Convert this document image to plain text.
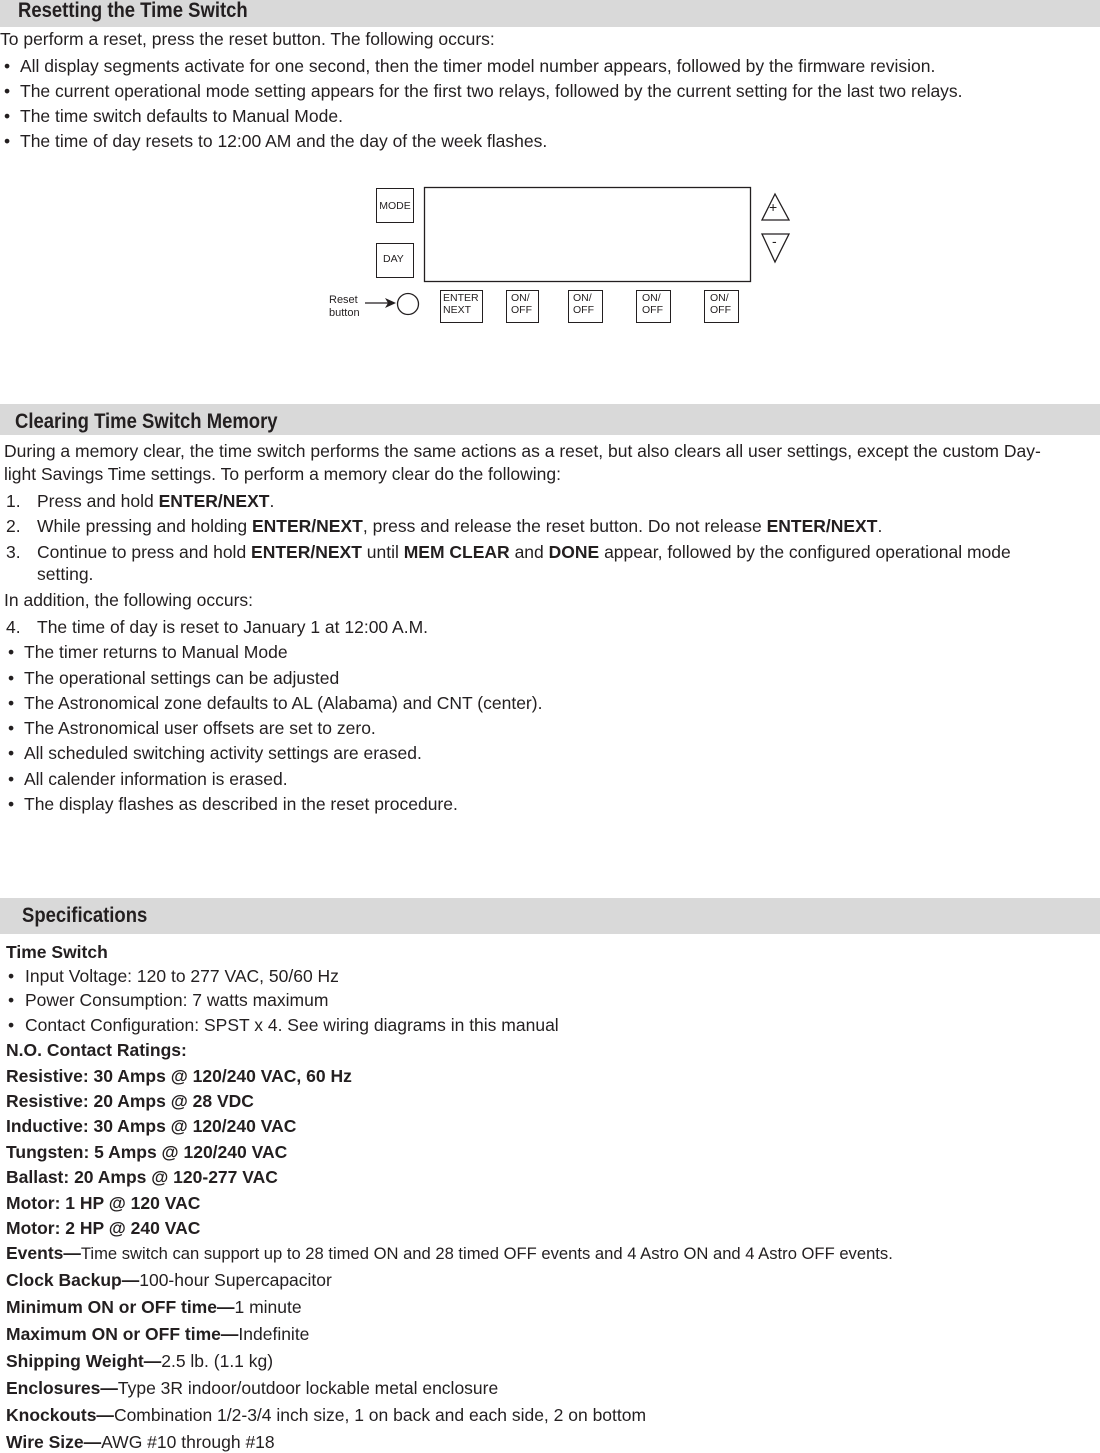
Resetting the Time Switch
To perform a reset, press the reset button. The following occurs:
• All display segments activate for one second, then the timer model number appears, followed by the firmware revision.
• The current operational mode setting appears for the first two relays, followed by the current setting for the last two relays.
• The time switch defaults to Manual Mode.
• The time of day resets to 12:00 AM and the day of the week flashes.
MODE
DAY
+
-
Reset
button
ENTER
NEXT
ON/
OFF
ON/
OFF
ON/
OFF
ON/
OFF
Clearing Time Switch Memory
During a memory clear, the time switch performs the same actions as a reset, but also clears all user settings, except the custom Day-
light Savings Time settings. To perform a memory clear do the following:
1. Press and hold ENTER/NEXT.
2. While pressing and holding ENTER/NEXT, press and release the reset button. Do not release ENTER/NEXT.
3. Continue to press and hold ENTER/NEXT until MEM CLEAR and DONE appear, followed by the configured operational mode
setting.
In addition, the following occurs:
4. The time of day is reset to January 1 at 12:00 A.M.
• The timer returns to Manual Mode
• The operational settings can be adjusted
• The Astronomical zone defaults to AL (Alabama) and CNT (center).
• The Astronomical user offsets are set to zero.
• All scheduled switching activity settings are erased.
• All calender information is erased.
• The display flashes as described in the reset procedure.
Specifications
Time Switch
• Input Voltage: 120 to 277 VAC, 50/60 Hz
• Power Consumption: 7 watts maximum
• Contact Configuration: SPST x 4. See wiring diagrams in this manual
N.O. Contact Ratings:
Resistive: 30 Amps @ 120/240 VAC, 60 Hz
Resistive: 20 Amps @ 28 VDC
Inductive: 30 Amps @ 120/240 VAC
Tungsten: 5 Amps @ 120/240 VAC
Ballast: 20 Amps @ 120-277 VAC
Motor: 1 HP @ 120 VAC
Motor: 2 HP @ 240 VAC
Events—Time switch can support up to 28 timed ON and 28 timed OFF events and 4 Astro ON and 4 Astro OFF events.
Clock Backup—100-hour Supercapacitor
Minimum ON or OFF time—1 minute
Maximum ON or OFF time—Indefinite
Shipping Weight—2.5 lb. (1.1 kg)
Enclosures—Type 3R indoor/outdoor lockable metal enclosure
Knockouts—Combination 1/2-3/4 inch size, 1 on back and each side, 2 on bottom
Wire Size—AWG #10 through #18
